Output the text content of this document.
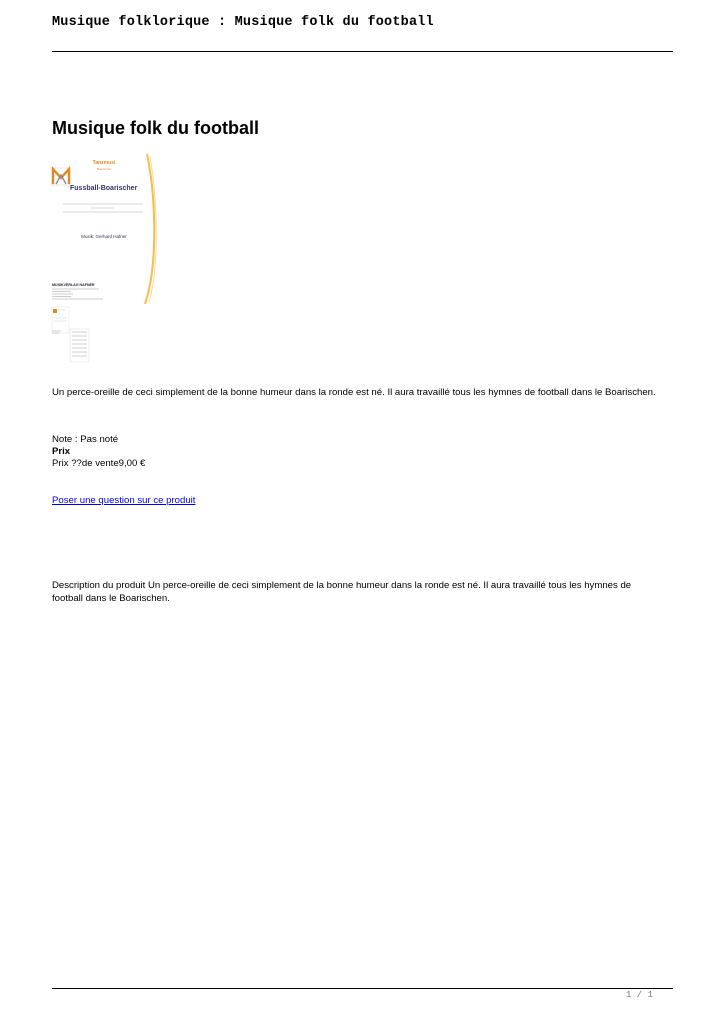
Musique folklorique : Musique folk du football
Musique folk du football
Tanzmusi
Boarischer
Fussball-Boarischer
Musik: Gerhard Hafner
MUSIKVERLAG HAFNER
Un perce-oreille de ceci simplement de la bonne humeur dans la ronde est né. Il aura travaillé tous les hymnes de football dans le Boarischen.
Note : Pas noté
Prix
Prix ??de vente9,00 €
Poser une question sur ce produit
Description du produit Un perce-oreille de ceci simplement de la bonne humeur dans la ronde est né. Il aura travaillé tous les hymnes de football dans le Boarischen.
1 / 1
